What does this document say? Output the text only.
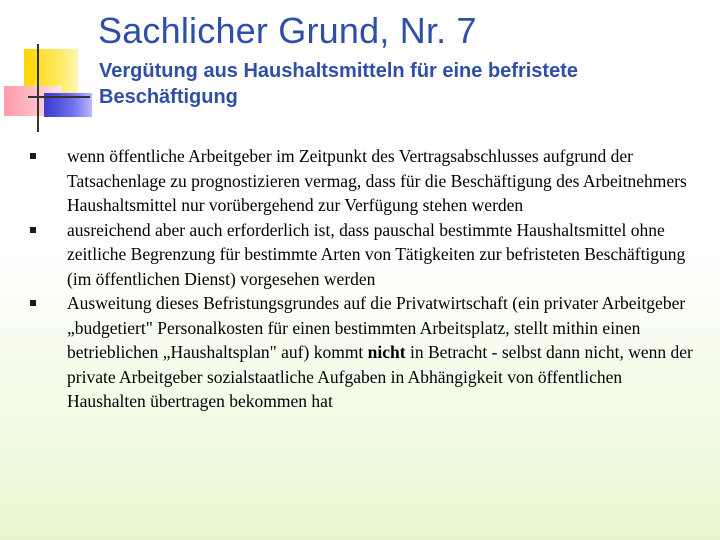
Sachlicher Grund, Nr. 7
Vergütung aus Haushaltsmitteln für eine befristete Beschäftigung
wenn öffentliche Arbeitgeber im Zeitpunkt des Vertragsabschlusses aufgrund der Tatsachenlage zu prognostizieren vermag, dass für die Beschäftigung des Arbeitnehmers Haushaltsmittel nur vorübergehend zur Verfügung stehen werden
ausreichend aber auch erforderlich ist, dass pauschal bestimmte Haushaltsmittel ohne zeitliche Begrenzung für bestimmte Arten von Tätigkeiten zur befristeten Beschäftigung (im öffentlichen Dienst) vorgesehen werden
Ausweitung dieses Befristungsgrundes auf die Privatwirtschaft (ein privater Arbeitgeber „budgetiert" Personalkosten für einen bestimmten Arbeitsplatz, stellt mithin einen betrieblichen „Haushaltsplan" auf) kommt nicht in Betracht - selbst dann nicht, wenn der private Arbeitgeber sozialstaatliche Aufgaben in Abhängigkeit von öffentlichen Haushalten übertragen bekommen hat
